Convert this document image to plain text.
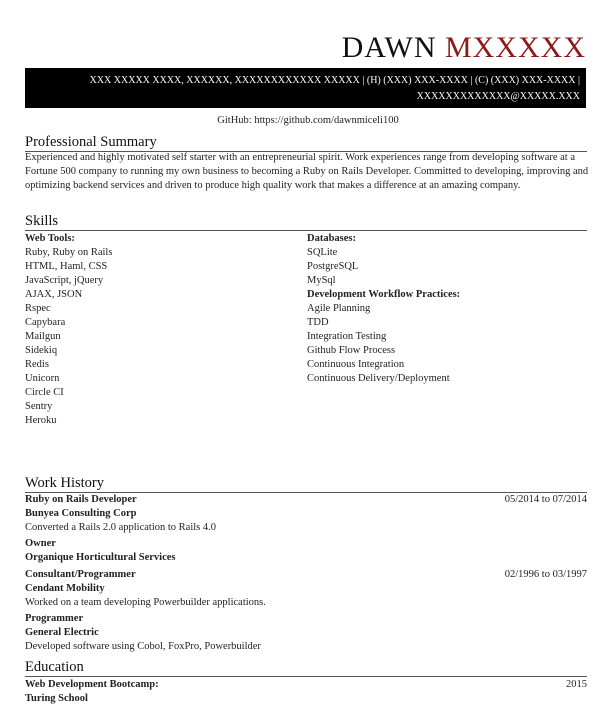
DAWN MXXXXX
XXX XXXXX XXXX, XXXXXX, XXXXXXXXXXXX XXXXX | (H) (XXX) XXX-XXXX | (C) (XXX) XXX-XXXX |
XXXXXXXXXXXXX@XXXXX.XXX
GitHub: https://github.com/dawnmiceli100
Professional Summary
Experienced and highly motivated self starter with an entrepreneurial spirit. Work experiences range from developing software at a Fortune 500 company to running my own business to becoming a Ruby on Rails Developer. Committed to developing, improving and optimizing backend services and driven to produce high quality work that makes a difference at an amazing company.
Skills
Web Tools:
Ruby, Ruby on Rails
HTML, Haml, CSS
JavaScript, jQuery
AJAX, JSON
Rspec
Capybara
Mailgun
Sidekiq
Redis
Unicorn
Circle CI
Sentry
Heroku
Databases:
SQLite
PostgreSQL
MySql
Development Workflow Practices:
Agile Planning
TDD
Integration Testing
Github Flow Process
Continuous Integration
Continuous Delivery/Deployment
Work History
Ruby on Rails Developer	05/2014 to 07/2014
Bunyea Consulting Corp
Converted a Rails 2.0 application to Rails 4.0
Owner
Organique Horticultural Services
Consultant/Programmer	02/1996 to 03/1997
Cendant Mobility
Worked on a team developing Powerbuilder applications.
Programmer
General Electric
Developed software using Cobol, FoxPro, Powerbuilder
Education
Web Development Bootcamp:	2015
Turing School
